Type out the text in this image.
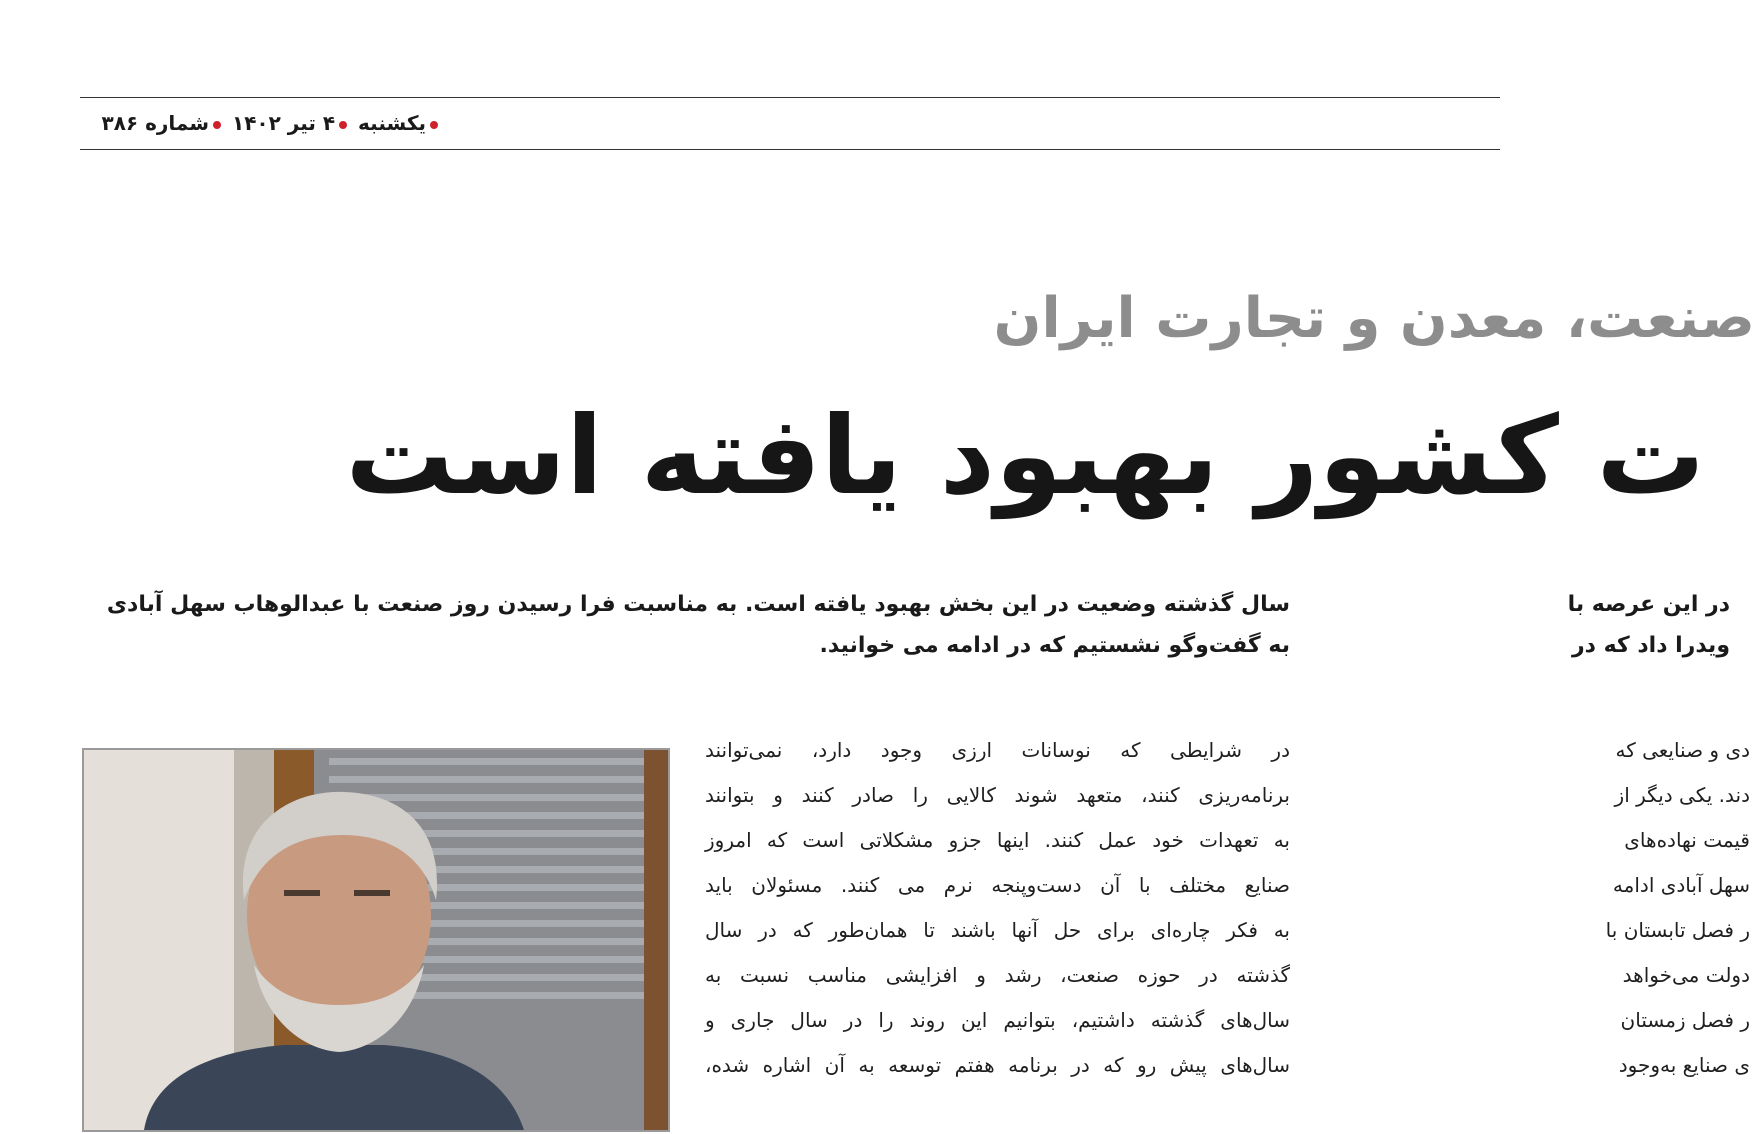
یکشنبه ۴ تیر ۱۴۰۲ شماره ۳۸۶
صنعت، معدن و تجارت ایران
ت کشور بهبود یافته است
سال گذشته وضعیت در این بخش بهبود یافته است. به مناسبت فرا رسیدن روز صنعت با عبدالوهاب سهل آبادی
به گفت‌وگو نشستیم که در ادامه می خوانید.
در این عرصه با
ویدرا داد که در
در شرایطی که نوسانات ارزی وجود دارد، نمی‌توانند
برنامه‌ریزی کنند، متعهد شوند کالایی را صادر کنند و بتوانند
به تعهدات خود عمل کنند. اینها جزو مشکلاتی است که امروز
صنایع مختلف با آن دست‌وپنجه نرم می کنند. مسئولان باید
به فکر چاره‌ای برای حل آنها باشند تا همان‌طور که در سال
گذشته در حوزه صنعت، رشد و افزایشی مناسب نسبت به
سال‌های گذشته داشتیم، بتوانیم این روند را در سال جاری و
سال‌های پیش رو که در برنامه هفتم توسعه به آن اشاره شده،
دی و صنایعی که
دند. یکی دیگر از
قیمت نهاده‌های
سهل آبادی ادامه
ر فصل تابستان با
دولت می‌خواهد
ر فصل زمستان
ی صنایع به‌وجود
